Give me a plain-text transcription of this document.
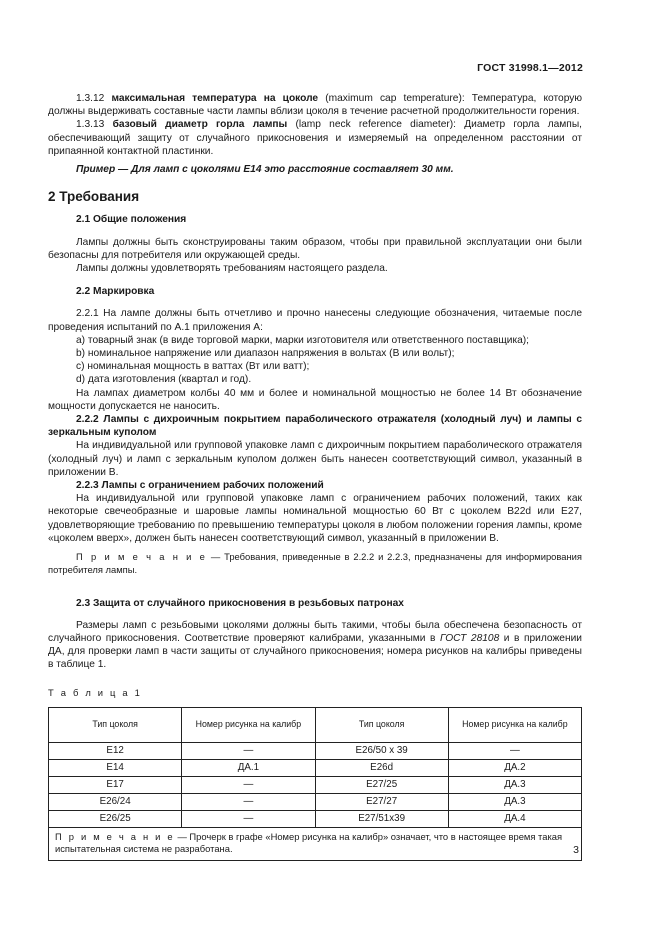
ГОСТ 31998.1—2012

1.3.12 максимальная температура на цоколе (maximum cap temperature): Температура, которую должны выдерживать составные части лампы вблизи цоколя в течение расчетной продолжительности горения.

1.3.13 базовый диаметр горла лампы (lamp neck reference diameter): Диаметр горла лампы, обеспечивающий защиту от случайного прикосновения и измеряемый на определенном расстоянии от припаянной контактной пластинки.

Пример — Для ламп с цоколями Е14 это расстояние составляет 30 мм.

2 Требования

2.1 Общие положения

Лампы должны быть сконструированы таким образом, чтобы при правильной эксплуатации они были безопасны для потребителя или окружающей среды.

Лампы должны удовлетворять требованиям настоящего раздела.

2.2 Маркировка

2.2.1 На лампе должны быть отчетливо и прочно нанесены следующие обозначения, читаемые после проведения испытаний по А.1 приложения А:

a) товарный знак (в виде торговой марки, марки изготовителя или ответственного поставщика);

b) номинальное напряжение или диапазон напряжения в вольтах (В или вольт);

c) номинальная мощность в ваттах (Вт или ватт);

d) дата изготовления (квартал и год).

На лампах диаметром колбы 40 мм и более и номинальной мощностью не более 14 Вт обозначение мощности допускается не наносить.

2.2.2 Лампы с дихроичным покрытием параболического отражателя (холодный луч) и лампы с зеркальным куполом

На индивидуальной или групповой упаковке ламп с дихроичным покрытием параболического отражателя (холодный луч) и ламп с зеркальным куполом должен быть нанесен соответствующий символ, указанный в приложении В.

2.2.3 Лампы с ограничением рабочих положений

На индивидуальной или групповой упаковке ламп с ограничением рабочих положений, таких как некоторые свечеобразные и шаровые лампы номинальной мощностью 60 Вт с цоколем В22d или Е27, удовлетворяющие требованию по превышению температуры цоколя в любом положении горения лампы, кроме «цоколем вверх», должен быть нанесен соответствующий символ, указанный в приложении В.

П р и м е ч а н и е — Требования, приведенные в 2.2.2 и 2.2.3, предназначены для информирования потребителя лампы.

2.3 Защита от случайного прикосновения в резьбовых патронах

Размеры ламп с резьбовыми цоколями должны быть такими, чтобы была обеспечена безопасность от случайного прикосновения. Соответствие проверяют калибрами, указанными в ГОСТ 28108 и в приложении ДА, для проверки ламп в части защиты от случайного прикосновения; номера рисунков на калибры приведены в таблице 1.

Т а б л и ц а 1
Тип цоколя	Номер рисунка на калибр	Тип цоколя	Номер рисунка на калибр
Е12	—	Е26/50 x 39	—
Е14	ДА.1	Е26d	ДА.2
Е17	—	Е27/25	ДА.3
Е26/24	—	Е27/27	ДА.3
Е26/25	—	Е27/51x39	ДА.4
П р и м е ч а н и е — Прочерк в графе «Номер рисунка на калибр» означает, что в настоящее время такая испытательная система не разработана.				3
